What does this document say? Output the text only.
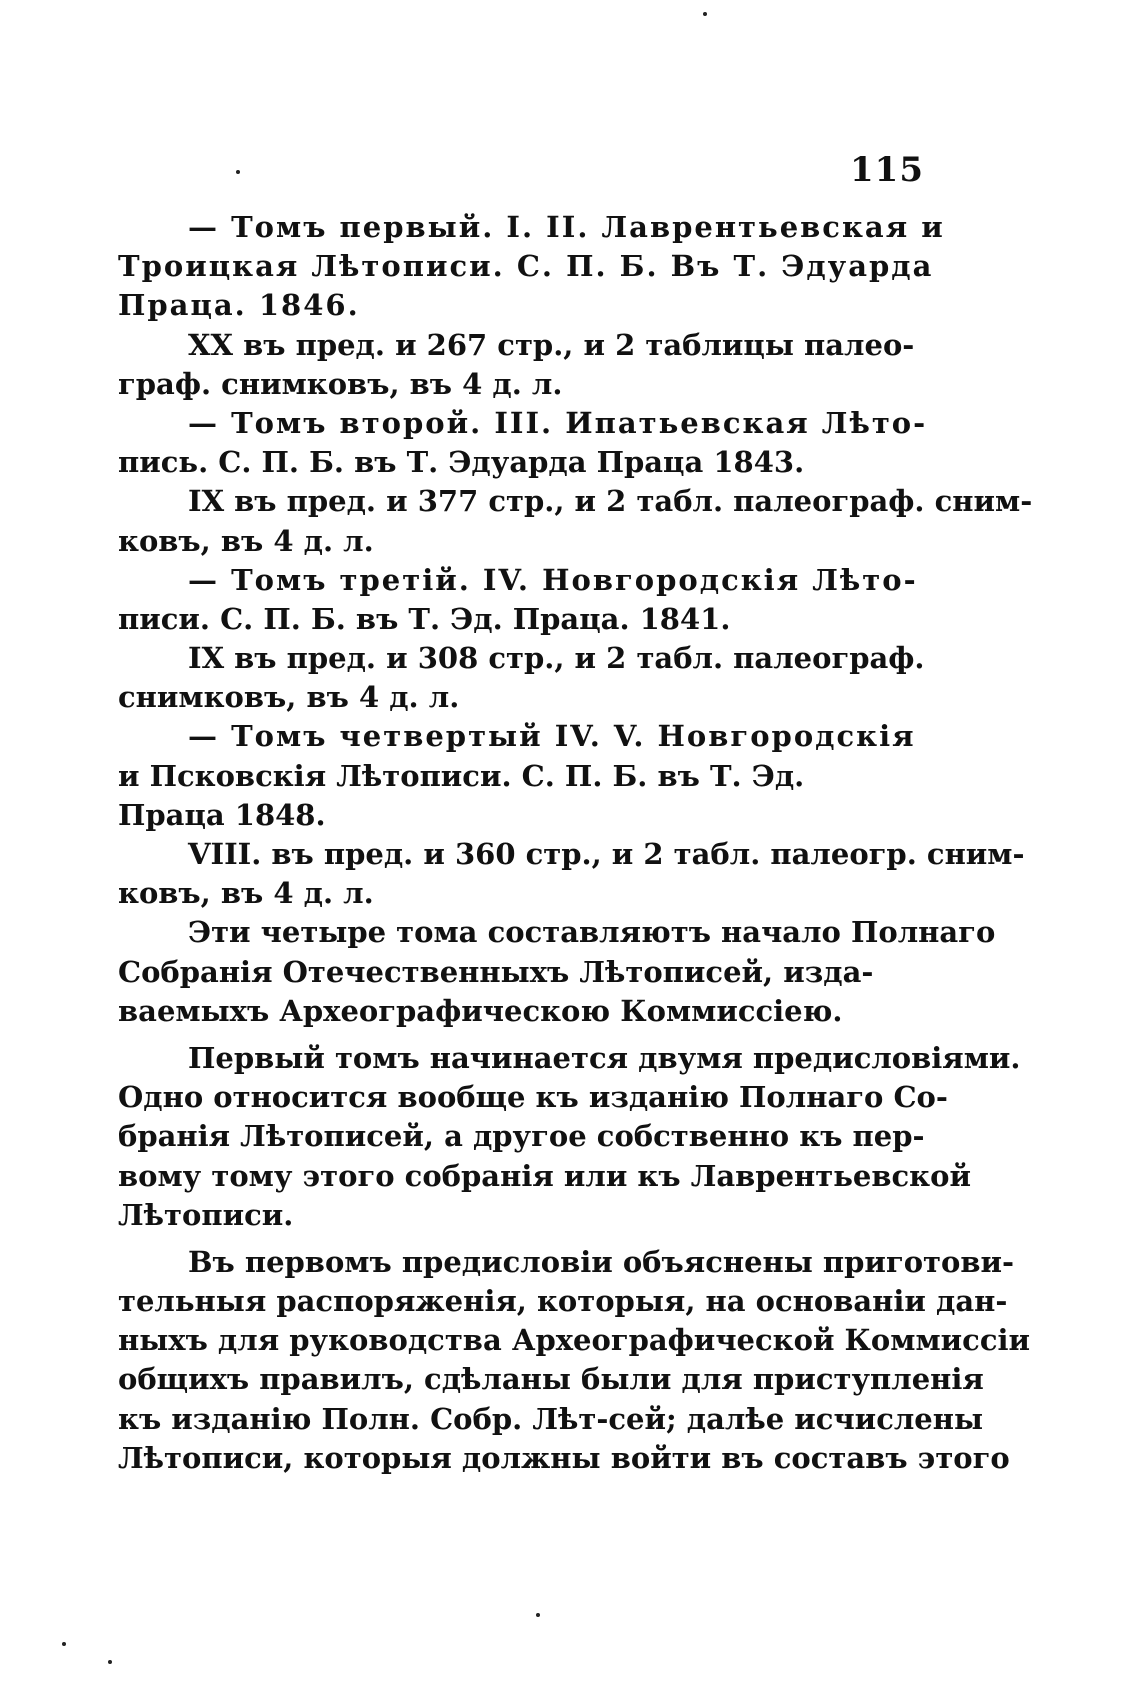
115
— Томъ первый. I. II. Лаврентьевская и
Троицкая Лѣтописи. С. П. Б. Въ Т. Эдуарда
Праца. 1846.
XX въ пред. и 267 стр., и 2 таблицы палео-
граф. снимковъ, въ 4 д. л.
— Томъ второй. III. Ипатьевская Лѣто-
пись. С. П. Б. въ Т. Эдуарда Праца 1843.
IX въ пред. и 377 стр., и 2 табл. палеограф. сним-
ковъ, въ 4 д. л.
— Томъ третій. IV. Новгородскія Лѣто-
писи. С. П. Б. въ Т. Эд. Праца. 1841.
IX въ пред. и 308 стр., и 2 табл. палеограф.
снимковъ, въ 4 д. л.
— Томъ четвертый IV. V. Новгородскія
и Псковскія Лѣтописи. С. П. Б. въ Т. Эд.
Праца 1848.
VIII. въ пред. и 360 стр., и 2 табл. палеогр. сним-
ковъ, въ 4 д. л.
Эти четыре тома составляютъ начало Полнаго
Собранія Отечественныхъ Лѣтописей, изда-
ваемыхъ Археографическою Коммиссіею.
Первый томъ начинается двумя предисловіями.
Одно относится вообще къ изданію Полнаго Со-
бранія Лѣтописей, а другое собственно къ пер-
вому тому этого собранія или къ Лаврентьевской
Лѣтописи.
Въ первомъ предисловіи объяснены приготови-
тельныя распоряженія, которыя, на основаніи дан-
ныхъ для руководства Археографической Коммиссіи
общихъ правилъ, сдѣланы были для приступленія
къ изданію Полн. Собр. Лѣт-сей; далѣе исчислены
Лѣтописи, которыя должны войти въ составъ этого
